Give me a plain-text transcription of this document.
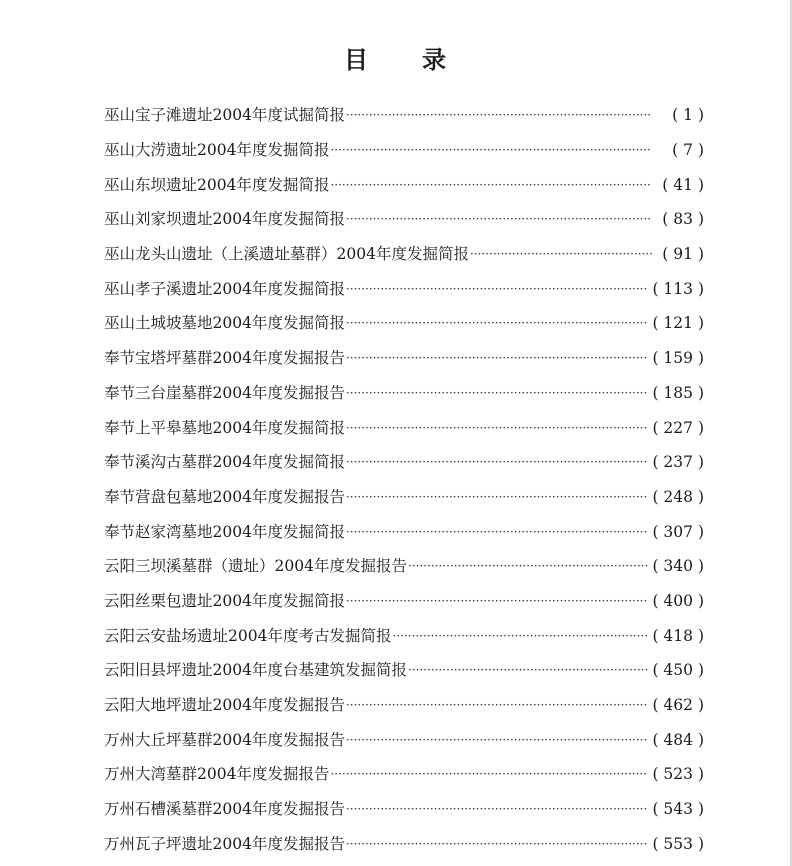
目　　录
巫山宝子滩遗址2004年度试掘简报 ·····	( 1 )
巫山大涝遗址2004年度发掘简报 ·····	( 7 )
巫山东坝遗址2004年度发掘简报 ·····	( 41 )
巫山刘家坝遗址2004年度发掘简报 ·····	( 83 )
巫山龙头山遗址（上溪遗址墓群）2004年度发掘简报 ·····	( 91 )
巫山孝子溪遗址2004年度发掘简报 ·····	( 113 )
巫山土城坡墓地2004年度发掘简报 ·····	( 121 )
奉节宝塔坪墓群2004年度发掘报告 ·····	( 159 )
奉节三台崖墓群2004年度发掘报告 ·····	( 185 )
奉节上平皋墓地2004年度发掘简报 ·····	( 227 )
奉节溪沟古墓群2004年度发掘简报 ·····	( 237 )
奉节营盘包墓地2004年度发掘报告 ·····	( 248 )
奉节赵家湾墓地2004年度发掘简报 ·····	( 307 )
云阳三坝溪墓群（遗址）2004年度发掘报告 ·····	( 340 )
云阳丝栗包遗址2004年度发掘简报 ·····	( 400 )
云阳云安盐场遗址2004年度考古发掘简报 ·····	( 418 )
云阳旧县坪遗址2004年度台基建筑发掘简报 ·····	( 450 )
云阳大地坪遗址2004年度发掘报告 ·····	( 462 )
万州大丘坪墓群2004年度发掘报告 ·····	( 484 )
万州大湾墓群2004年度发掘报告 ·····	( 523 )
万州石槽溪墓群2004年度发掘报告 ·····	( 543 )
万州瓦子坪遗址2004年度发掘报告 ·····	( 553 )
